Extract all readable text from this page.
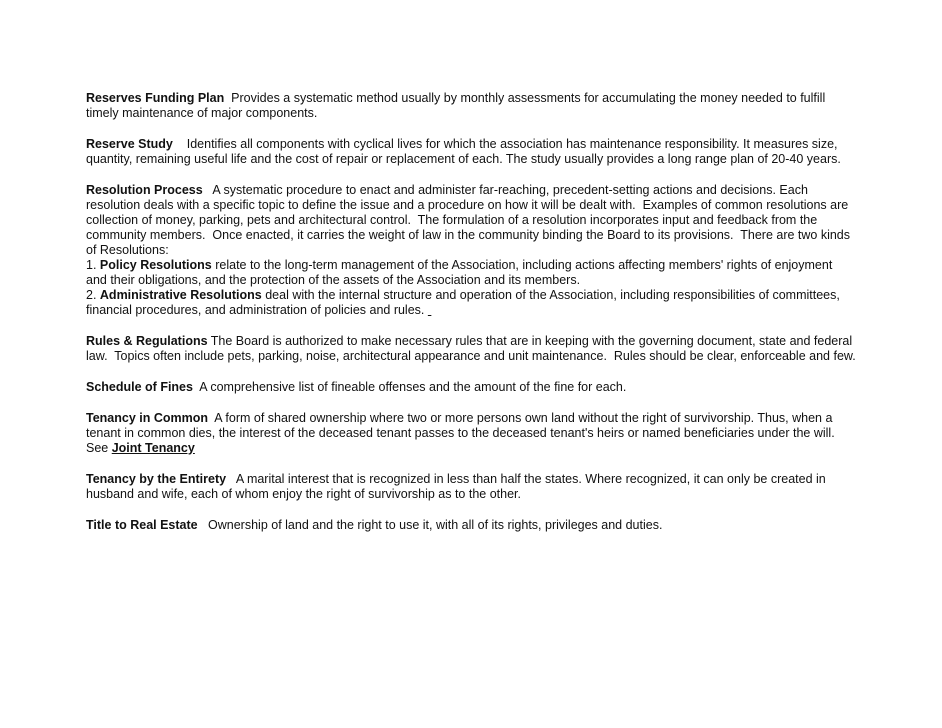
Reserves Funding Plan  Provides a systematic method usually by monthly assessments for accumulating the money needed to fulfill timely maintenance of major components.

Reserve Study    Identifies all components with cyclical lives for which the association has maintenance responsibility. It measures size, quantity, remaining useful life and the cost of repair or replacement of each. The study usually provides a long range plan of 20-40 years.

Resolution Process   A systematic procedure to enact and administer far-reaching, precedent-setting actions and decisions. Each resolution deals with a specific topic to define the issue and a procedure on how it will be dealt with.  Examples of common resolutions are collection of money, parking, pets and architectural control.  The formulation of a resolution incorporates input and feedback from the community members.  Once enacted, it carries the weight of law in the community binding the Board to its provisions.  There are two kinds of Resolutions:
1. Policy Resolutions relate to the long-term management of the Association, including actions affecting members' rights of enjoyment and their obligations, and the protection of the assets of the Association and its members.
2. Administrative Resolutions deal with the internal structure and operation of the Association, including responsibilities of committees, financial procedures, and administration of policies and rules.

Rules & Regulations The Board is authorized to make necessary rules that are in keeping with the governing document, state and federal law.  Topics often include pets, parking, noise, architectural appearance and unit maintenance.  Rules should be clear, enforceable and few.

Schedule of Fines  A comprehensive list of fineable offenses and the amount of the fine for each.

Tenancy in Common  A form of shared ownership where two or more persons own land without the right of survivorship. Thus, when a tenant in common dies, the interest of the deceased tenant passes to the deceased tenant's heirs or named beneficiaries under the will.   See Joint Tenancy

Tenancy by the Entirety   A marital interest that is recognized in less than half the states. Where recognized, it can only be created in husband and wife, each of whom enjoy the right of survivorship as to the other.

Title to Real Estate   Ownership of land and the right to use it, with all of its rights, privileges and duties.
